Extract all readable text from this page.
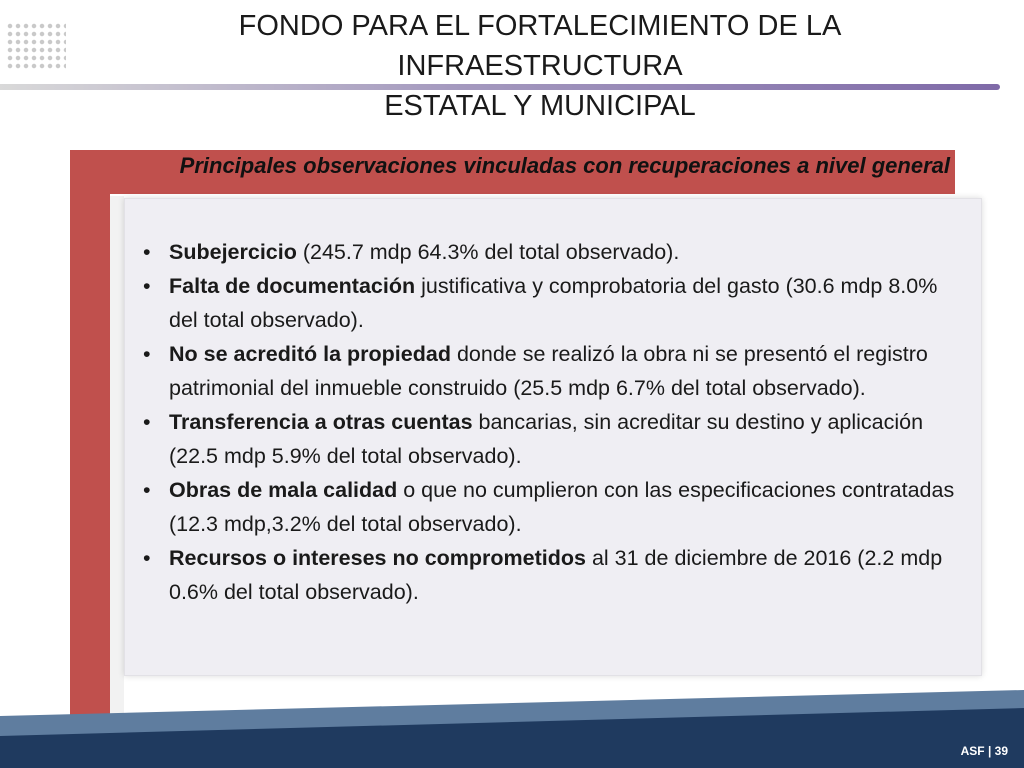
FONDO PARA EL FORTALECIMIENTO DE LA INFRAESTRUCTURA
ESTATAL Y MUNICIPAL
Principales observaciones vinculadas con recuperaciones a nivel general
• Subejercicio (245.7 mdp 64.3% del total observado).
• Falta de documentación justificativa y comprobatoria del gasto (30.6 mdp 8.0% del total observado).
• No se acreditó la propiedad donde se realizó la obra ni se presentó el registro patrimonial del inmueble construido (25.5 mdp 6.7% del total observado).
• Transferencia a otras cuentas bancarias, sin acreditar su destino y aplicación (22.5 mdp 5.9% del total observado).
• Obras de mala calidad o que no cumplieron con las especificaciones contratadas (12.3 mdp,3.2% del total observado).
• Recursos o intereses no comprometidos al 31 de diciembre de 2016 (2.2 mdp 0.6% del total observado).
ASF | 39
